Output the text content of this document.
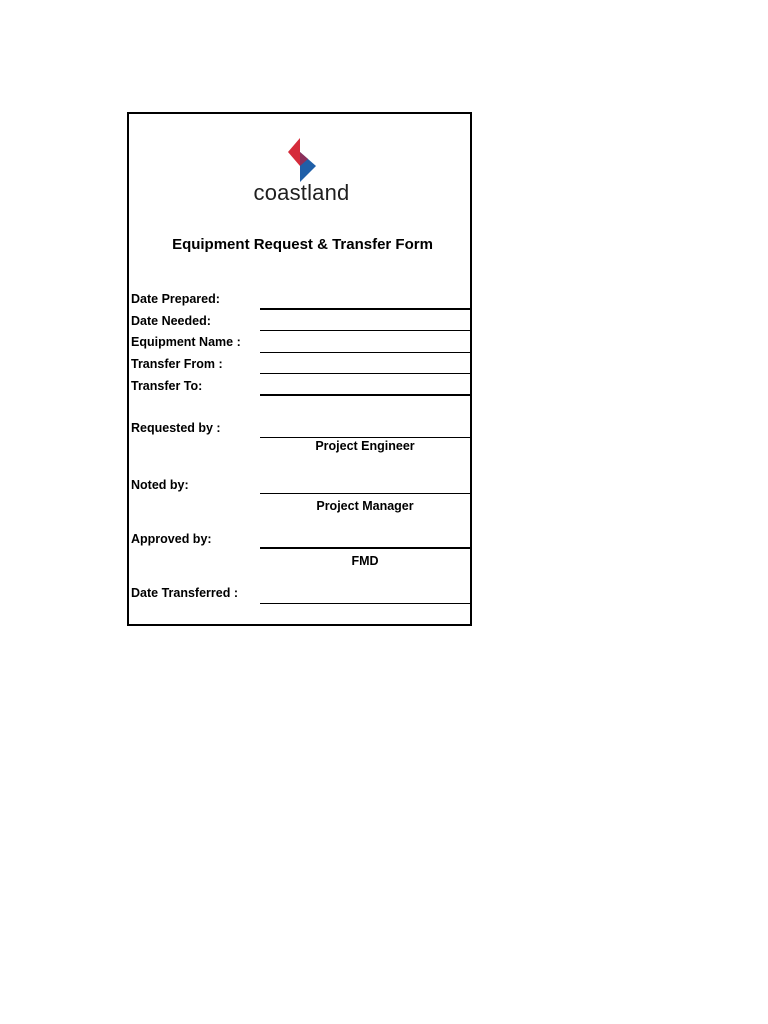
coastland
Equipment Request & Transfer Form
Date Prepared:
Date Needed:
Equipment Name :
Transfer From :
Transfer To:
Requested by :
Project Engineer
Noted by:
Project Manager
Approved by:
FMD
Date Transferred :
